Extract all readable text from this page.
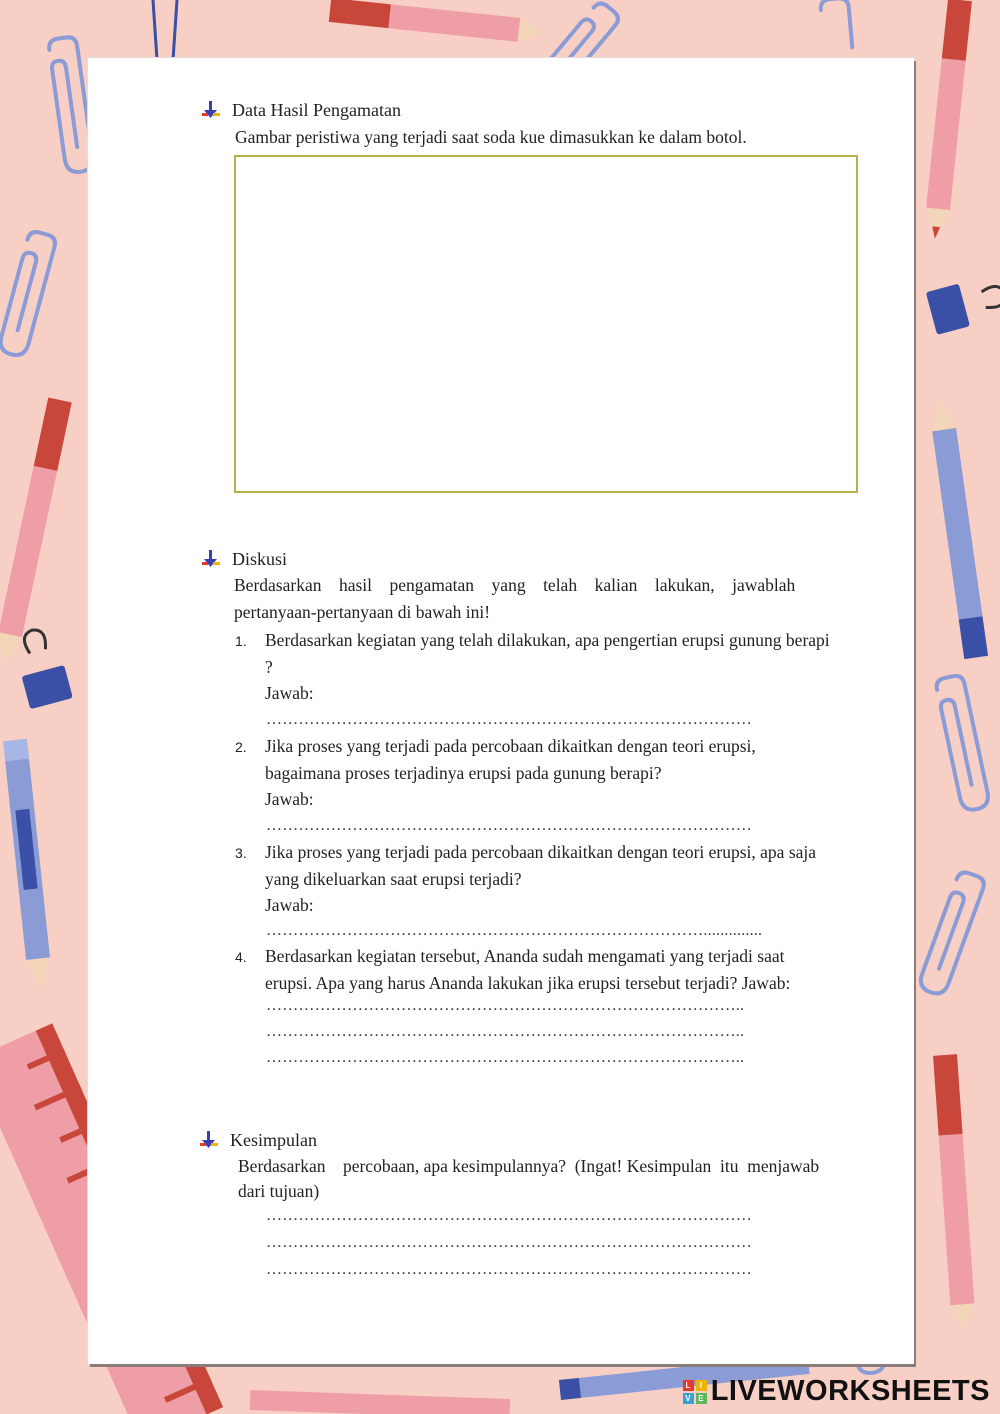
Data Hasil Pengamatan
Gambar peristiwa yang terjadi saat soda kue dimasukkan ke dalam botol.
Diskusi
Berdasarkan    hasil    pengamatan    yang    telah    kalian    lakukan,    jawablah
pertanyaan-pertanyaan di bawah ini!
1. Berdasarkan kegiatan yang telah dilakukan, apa pengertian erupsi gunung berapi
?
Jawab:
………………………………………………………………………………
2. Jika proses yang terjadi pada percobaan dikaitkan dengan teori erupsi,
bagaimana proses terjadinya erupsi pada gunung berapi?
Jawab:
………………………………………………………………………………
3. Jika proses yang terjadi pada percobaan dikaitkan dengan teori erupsi, apa saja
yang dikeluarkan saat erupsi terjadi?
Jawab:
………………………………………………………………………..............
4. Berdasarkan kegiatan tersebut, Ananda sudah mengamati yang terjadi saat
erupsi. Apa yang harus Ananda lakukan jika erupsi tersebut terjadi? Jawab:
……………………………………………………………………………..
……………………………………………………………………………..
……………………………………………………………………………..
Kesimpulan
Berdasarkan    percobaan, apa kesimpulannya?  (Ingat! Kesimpulan  itu  menjawab
dari tujuan)
………………………………………………………………………………
………………………………………………………………………………
………………………………………………………………………………
L	I
V E LIVEWORKSHEETS
